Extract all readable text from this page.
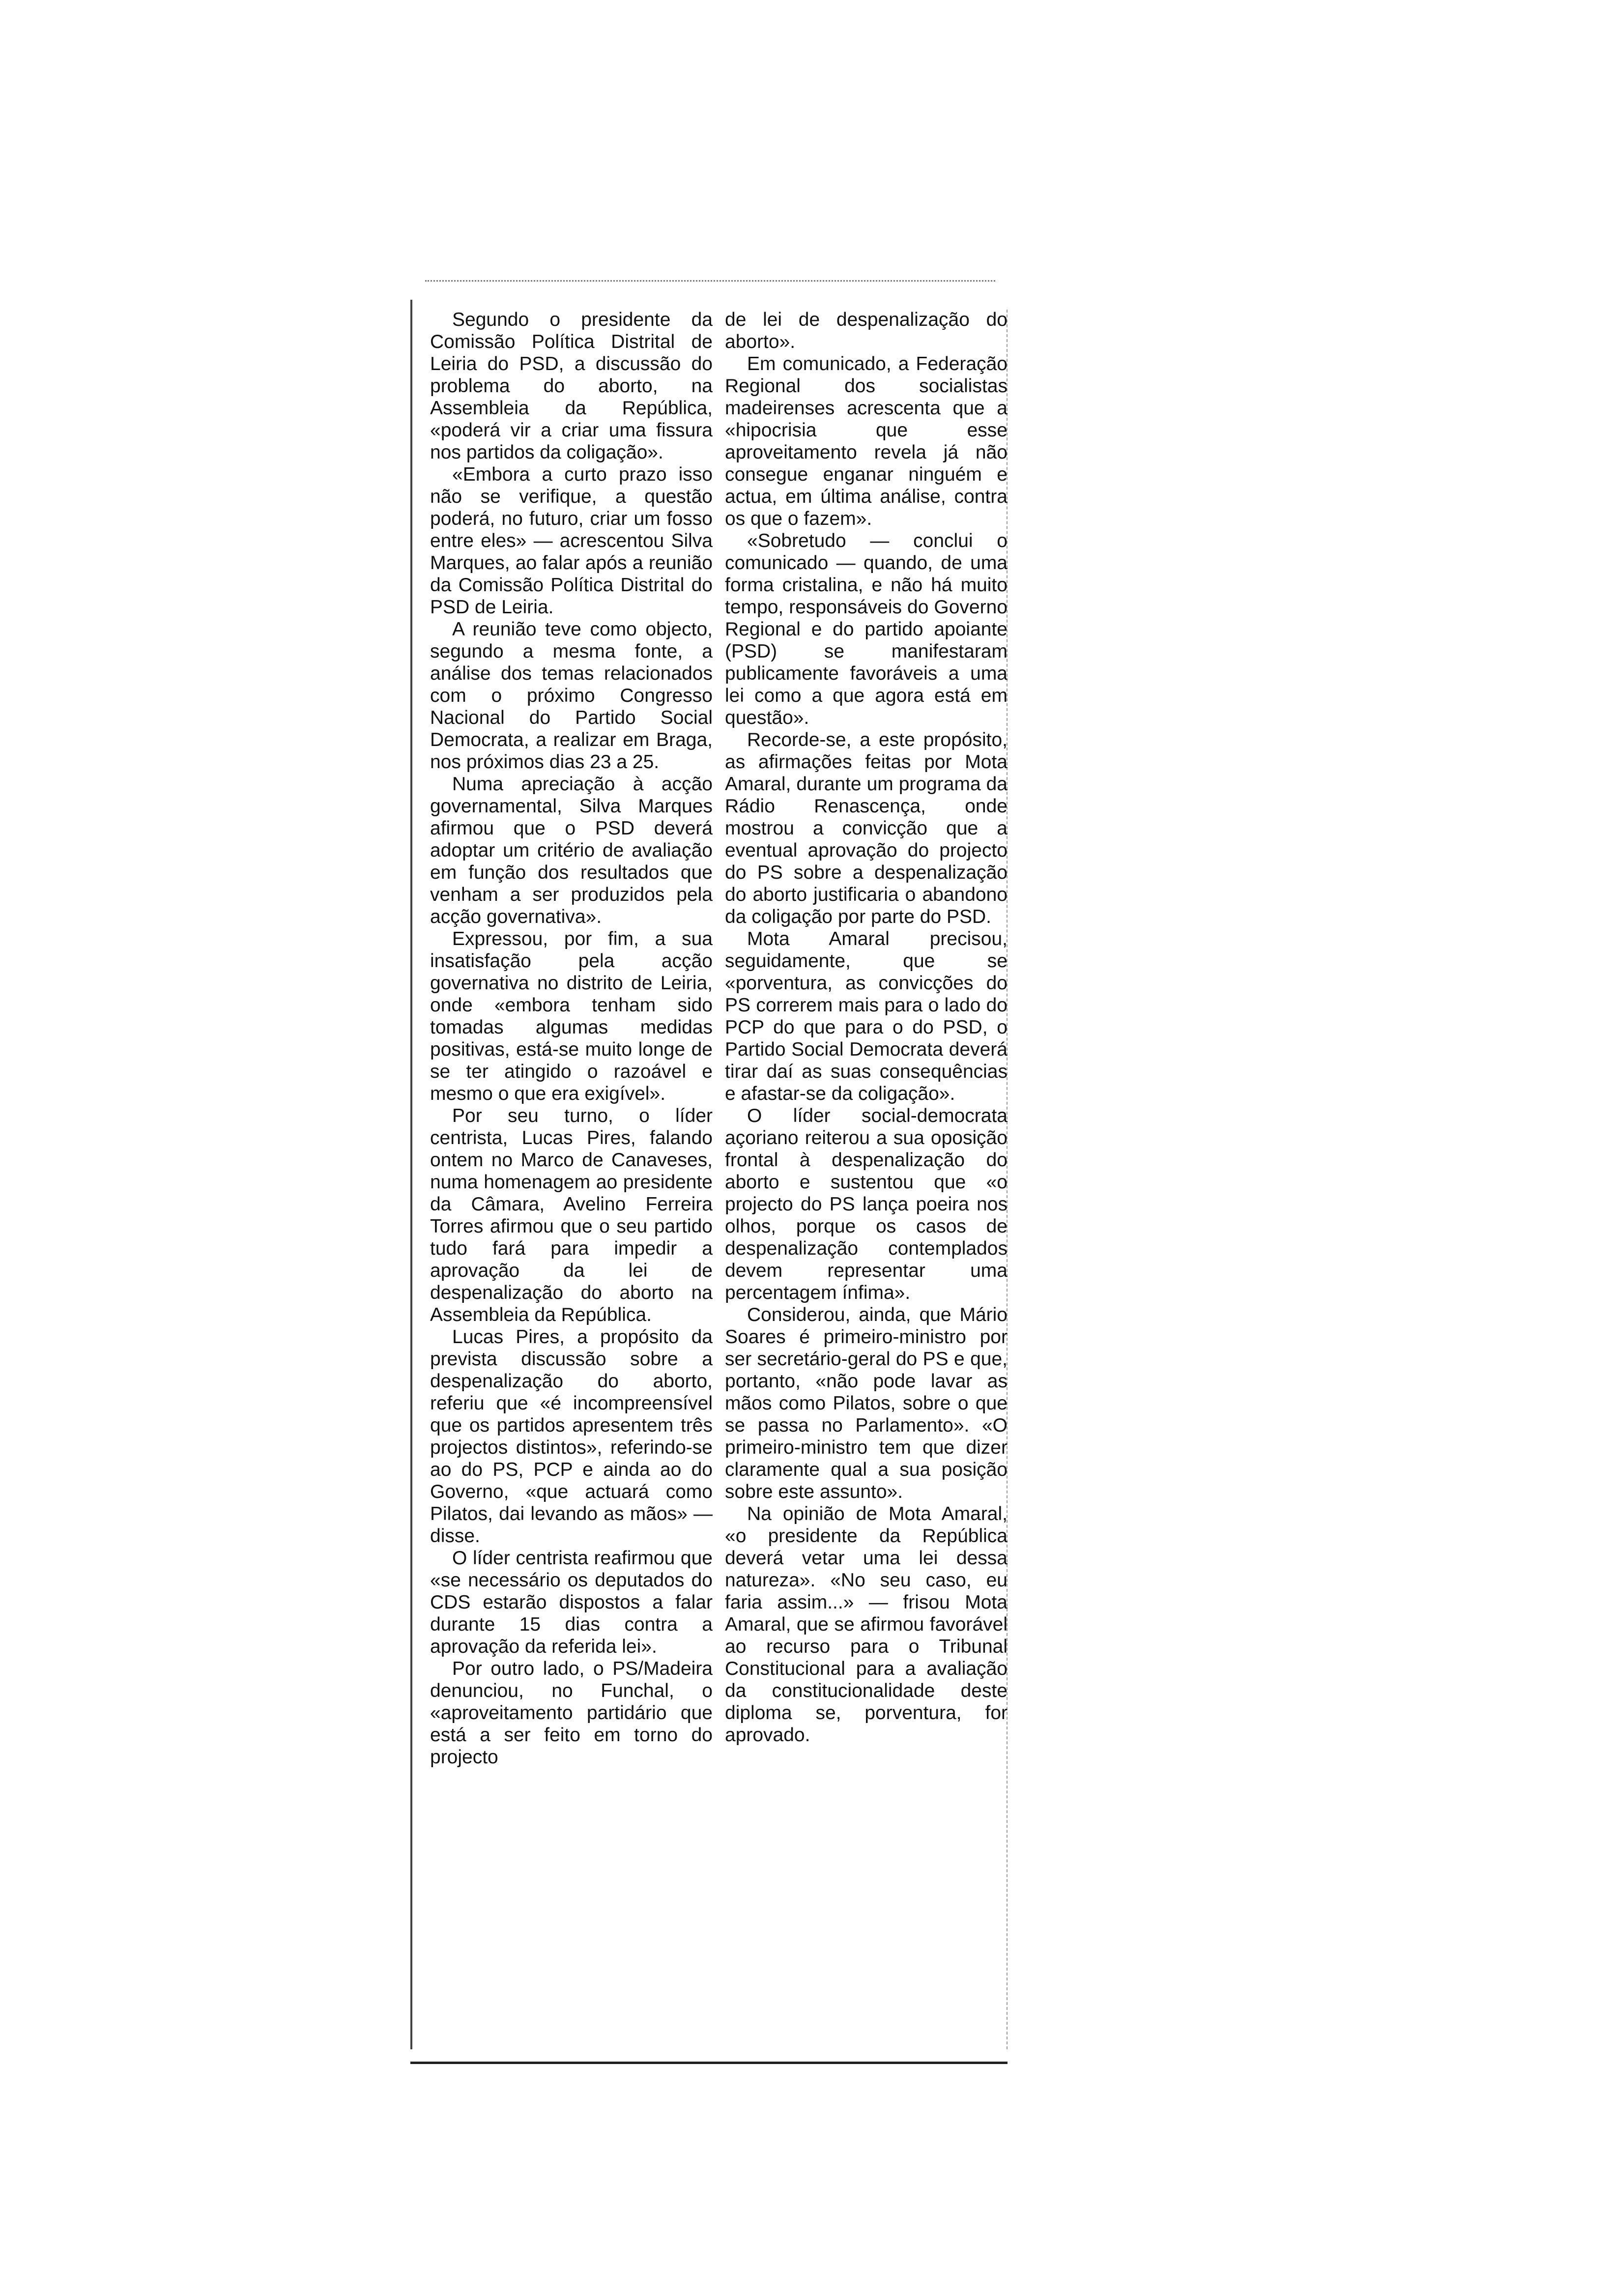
Segundo o presidente da Comissão Política Distrital de Leiria do PSD, a discussão do problema do aborto, na Assembleia da República, «poderá vir a criar uma fissura nos partidos da coligação».

«Embora a curto prazo isso não se verifique, a questão poderá, no futuro, criar um fosso entre eles» — acrescentou Silva Marques, ao falar após a reunião da Comissão Política Distrital do PSD de Leiria.

A reunião teve como objecto, segundo a mesma fonte, a análise dos temas relacionados com o próximo Congresso Nacional do Partido Social Democrata, a realizar em Braga, nos próximos dias 23 a 25.

Numa apreciação à acção governamental, Silva Marques afirmou que o PSD deverá adoptar um critério de avaliação em função dos resultados que venham a ser produzidos pela acção governativa».

Expressou, por fim, a sua insatisfação pela acção governativa no distrito de Leiria, onde «embora tenham sido tomadas algumas medidas positivas, está-se muito longe de se ter atingido o razoável e mesmo o que era exigível».

Por seu turno, o líder centrista, Lucas Pires, falando ontem no Marco de Canaveses, numa homenagem ao presidente da Câmara, Avelino Ferreira Torres afirmou que o seu partido tudo fará para impedir a aprovação da lei de despenalização do aborto na Assembleia da República.

Lucas Pires, a propósito da prevista discussão sobre a despenalização do aborto, referiu que «é incompreensível que os partidos apresentem três projectos distintos», referindo-se ao do PS, PCP e ainda ao do Governo, «que actuará como Pilatos, dai levando as mãos» — disse.

O líder centrista reafirmou que «se necessário os deputados do CDS estarão dispostos a falar durante 15 dias contra a aprovação da referida lei».

Por outro lado, o PS/Madeira denunciou, no Funchal, o «aproveitamento partidário que está a ser feito em torno do projecto

de lei de despenalização do aborto».

Em comunicado, a Federação Regional dos socialistas madeirenses acrescenta que a «hipocrisia que esse aproveitamento revela já não consegue enganar ninguém e actua, em última análise, contra os que o fazem».

«Sobretudo — conclui o comunicado — quando, de uma forma cristalina, e não há muito tempo, responsáveis do Governo Regional e do partido apoiante (PSD) se manifestaram publicamente favoráveis a uma lei como a que agora está em questão».

Recorde-se, a este propósito, as afirmações feitas por Mota Amaral, durante um programa da Rádio Renascença, onde mostrou a convicção que a eventual aprovação do projecto do PS sobre a despenalização do aborto justificaria o abandono da coligação por parte do PSD.

Mota Amaral precisou, seguidamente, que se «porventura, as convicções do PS correrem mais para o lado do PCP do que para o do PSD, o Partido Social Democrata deverá tirar daí as suas consequências e afastar-se da coligação».

O líder social-democrata açoriano reiterou a sua oposição frontal à despenalização do aborto e sustentou que «o projecto do PS lança poeira nos olhos, porque os casos de despenalização contemplados devem representar uma percentagem ínfima».

Considerou, ainda, que Mário Soares é primeiro-ministro por ser secretário-geral do PS e que, portanto, «não pode lavar as mãos como Pilatos, sobre o que se passa no Parlamento». «O primeiro-ministro tem que dizer claramente qual a sua posição sobre este assunto».

Na opinião de Mota Amaral, «o presidente da República deverá vetar uma lei dessa natureza». «No seu caso, eu faria assim...» — frisou Mota Amaral, que se afirmou favorável ao recurso para o Tribunal Constitucional para a avaliação da constitucionalidade deste diploma se, porventura, for aprovado.
